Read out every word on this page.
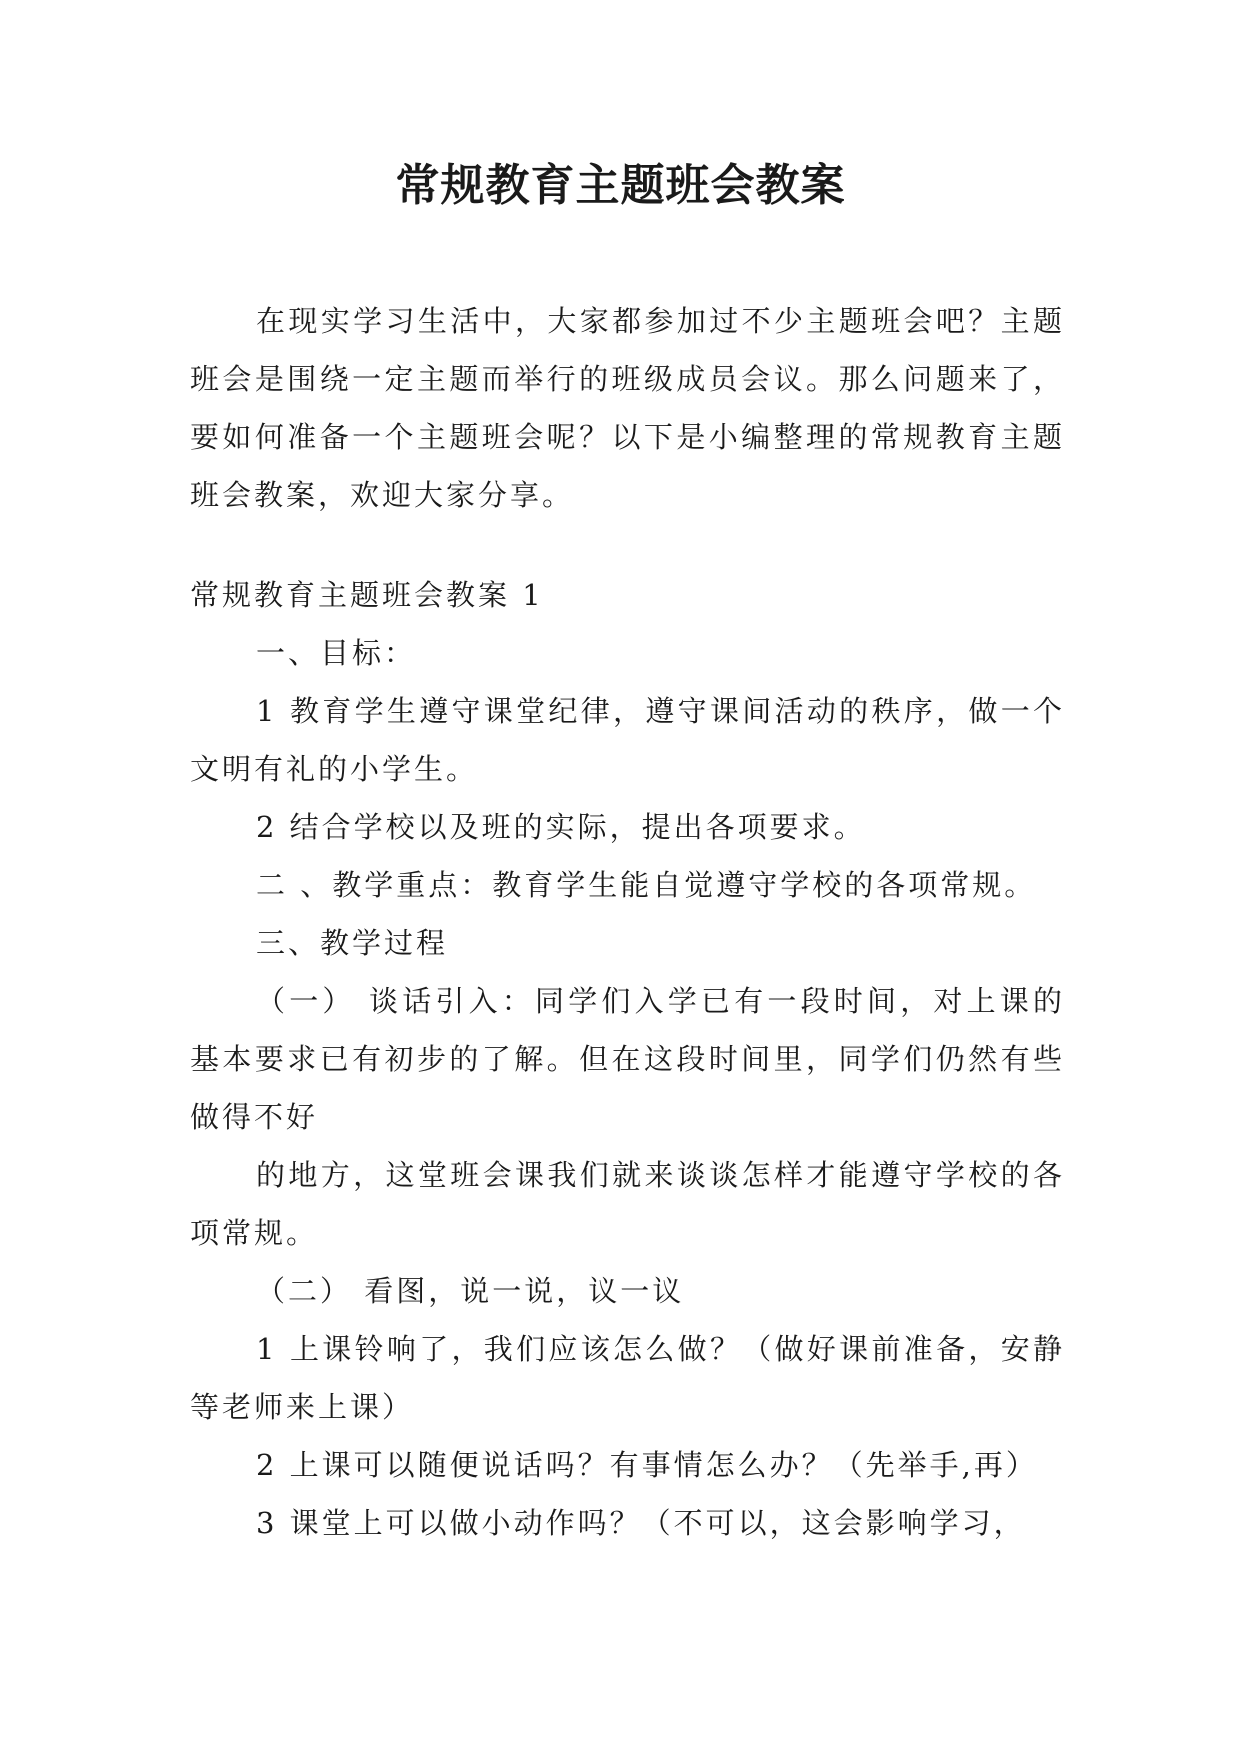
常规教育主题班会教案

在现实学习生活中，大家都参加过不少主题班会吧？主题班会是围绕一定主题而举行的班级成员会议。那么问题来了，要如何准备一个主题班会呢？以下是小编整理的常规教育主题班会教案，欢迎大家分享。

常规教育主题班会教案 1

一、目标：

1 教育学生遵守课堂纪律，遵守课间活动的秩序，做一个文明有礼的小学生。

2 结合学校以及班的实际，提出各项要求。

二 、教学重点：教育学生能自觉遵守学校的各项常规。

三、教学过程

（一） 谈话引入：同学们入学已有一段时间，对上课的基本要求已有初步的了解。但在这段时间里，同学们仍然有些做得不好

的地方，这堂班会课我们就来谈谈怎样才能遵守学校的各项常规。

（二） 看图，说一说，议一议

1 上课铃响了，我们应该怎么做？（做好课前准备，安静等老师来上课）

2 上课可以随便说话吗？有事情怎么办？（先举手,再）

3 课堂上可以做小动作吗？（不可以，这会影响学习，
